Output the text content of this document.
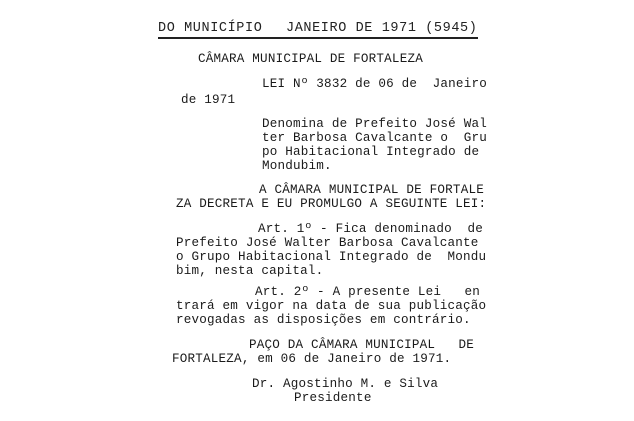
DO MUNICÍPIO JANEIRO DE 1971 (5945)
CÂMARA MUNICIPAL DE FORTALEZA
LEI Nº 3832 de 06 de  Janeiro
de 1971
Denomina de Prefeito José Wal
ter Barbosa Cavalcante o  Gru
po Habitacional Integrado de
Mondubim.
A CÂMARA MUNICIPAL DE FORTALE
ZA DECRETA E EU PROMULGO A SEGUINTE LEI:
Art. 1º - Fica denominado  de
Prefeito José Walter Barbosa Cavalcante
o Grupo Habitacional Integrado de  Mondu
bim, nesta capital.
Art. 2º - A presente Lei   en
trará em vigor na data de sua publicação
revogadas as disposições em contrário.
PAÇO DA CÂMARA MUNICIPAL   DE
FORTALEZA, em 06 de Janeiro de 1971.
Dr. Agostinho M. e Silva
Presidente
